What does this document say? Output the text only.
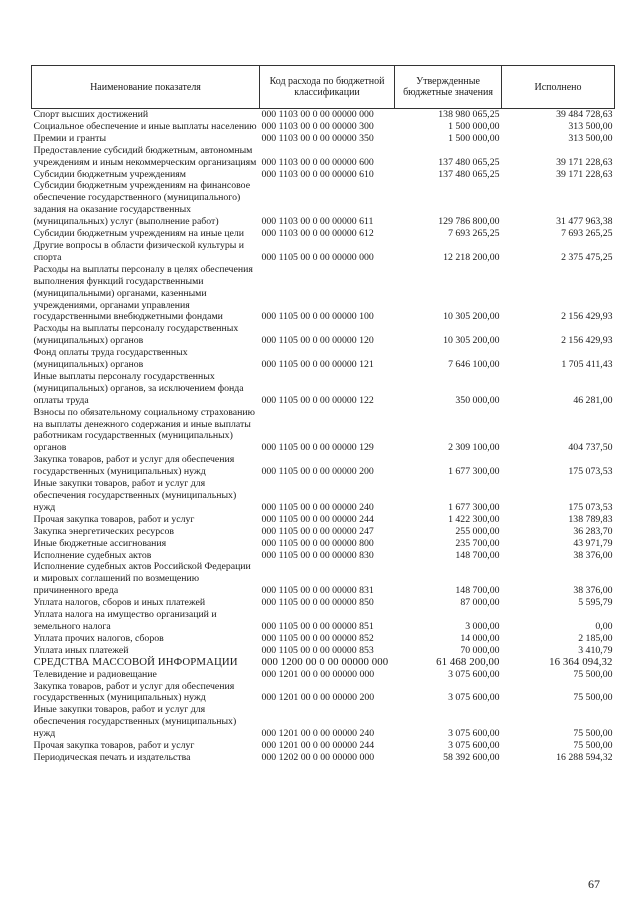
Наименование показателя	Код расхода по бюджетной классификации	Утвержденные бюджетные значения	Исполнено
Спорт высших достижений	000 1103 00 0 00 00000 000	138 980 065,25	39 484 728,63
Социальное обеспечение и иные выплаты населению	000 1103 00 0 00 00000 300	1 500 000,00	313 500,00
Премии и гранты	000 1103 00 0 00 00000 350	1 500 000,00	313 500,00
Предоставление субсидий бюджетным, автономным учреждениям и иным некоммерческим организациям	000 1103 00 0 00 00000 600	137 480 065,25	39 171 228,63
Субсидии бюджетным учреждениям	000 1103 00 0 00 00000 610	137 480 065,25	39 171 228,63
Субсидии бюджетным учреждениям на финансовое обеспечение государственного (муниципального) задания на оказание государственных (муниципальных) услуг (выполнение работ)	000 1103 00 0 00 00000 611	129 786 800,00	31 477 963,38
Субсидии бюджетным учреждениям на иные цели	000 1103 00 0 00 00000 612	7 693 265,25	7 693 265,25
Другие вопросы в области физической культуры и спорта	000 1105 00 0 00 00000 000	12 218 200,00	2 375 475,25
Расходы на выплаты персоналу в целях обеспечения выполнения функций государственными (муниципальными) органами, казенными учреждениями, органами управления государственными внебюджетными фондами	000 1105 00 0 00 00000 100	10 305 200,00	2 156 429,93
Расходы на выплаты персоналу государственных (муниципальных) органов	000 1105 00 0 00 00000 120	10 305 200,00	2 156 429,93
Фонд оплаты труда государственных (муниципальных) органов	000 1105 00 0 00 00000 121	7 646 100,00	1 705 411,43
Иные выплаты персоналу государственных (муниципальных) органов, за исключением фонда оплаты труда	000 1105 00 0 00 00000 122	350 000,00	46 281,00
Взносы по обязательному социальному страхованию на выплаты денежного содержания и иные выплаты работникам государственных (муниципальных) органов	000 1105 00 0 00 00000 129	2 309 100,00	404 737,50
Закупка товаров, работ и услуг для обеспечения государственных (муниципальных) нужд	000 1105 00 0 00 00000 200	1 677 300,00	175 073,53
Иные закупки товаров, работ и услуг для обеспечения государственных (муниципальных) нужд	000 1105 00 0 00 00000 240	1 677 300,00	175 073,53
Прочая закупка товаров, работ и услуг	000 1105 00 0 00 00000 244	1 422 300,00	138 789,83
Закупка энергетических ресурсов	000 1105 00 0 00 00000 247	255 000,00	36 283,70
Иные бюджетные ассигнования	000 1105 00 0 00 00000 800	235 700,00	43 971,79
Исполнение судебных актов	000 1105 00 0 00 00000 830	148 700,00	38 376,00
Исполнение судебных актов Российской Федерации и мировых соглашений по возмещению причиненного вреда	000 1105 00 0 00 00000 831	148 700,00	38 376,00
Уплата налогов, сборов и иных платежей	000 1105 00 0 00 00000 850	87 000,00	5 595,79
Уплата налога на имущество организаций и земельного налога	000 1105 00 0 00 00000 851	3 000,00	0,00
Уплата прочих налогов, сборов	000 1105 00 0 00 00000 852	14 000,00	2 185,00
Уплата иных платежей	000 1105 00 0 00 00000 853	70 000,00	3 410,79
СРЕДСТВА МАССОВОЙ ИНФОРМАЦИИ	000 1200 00 0 00 00000 000	61 468 200,00	16 364 094,32
Телевидение и радиовещание	000 1201 00 0 00 00000 000	3 075 600,00	75 500,00
Закупка товаров, работ и услуг для обеспечения государственных (муниципальных) нужд	000 1201 00 0 00 00000 200	3 075 600,00	75 500,00
Иные закупки товаров, работ и услуг для обеспечения государственных (муниципальных) нужд	000 1201 00 0 00 00000 240	3 075 600,00	75 500,00
Прочая закупка товаров, работ и услуг	000 1201 00 0 00 00000 244	3 075 600,00	75 500,00
Периодическая печать и издательства	000 1202 00 0 00 00000 000	58 392 600,00	16 288 594,32
67
